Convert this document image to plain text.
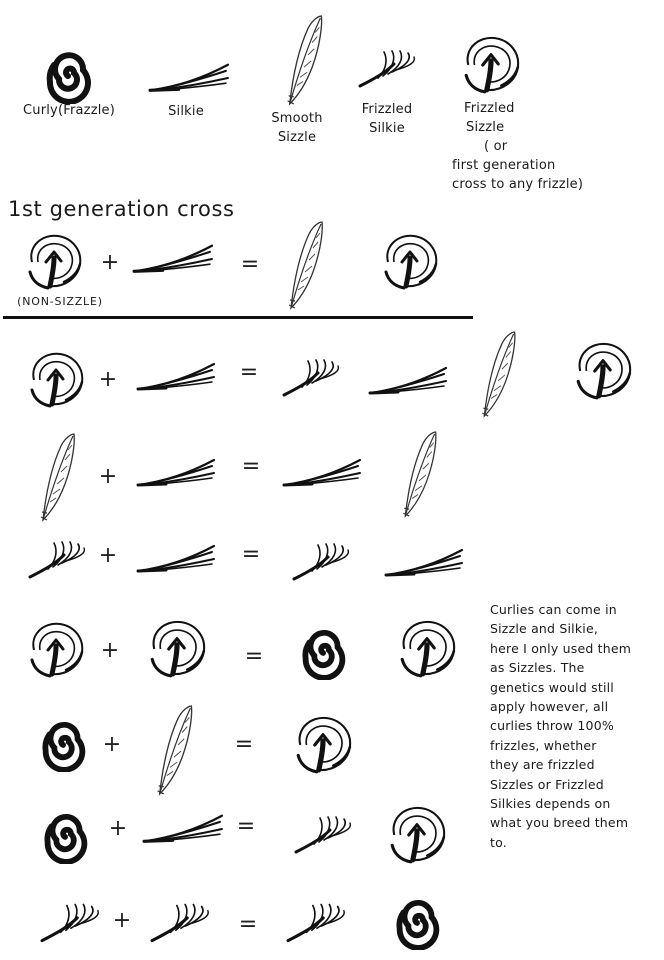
Curly(Frazzle)	Silkie	Smooth
Sizzle
Frizzled
Silkie
Frizzled
Sizzle
( or
first generation
cross to any frizzle)
1st generation cross
+	=
(NON-SIZZLE)
+	=
+	=
+	=
+	=
+	=
+	=
+	=
Curlies can come in
Sizzle and Silkie,
here I only used them
as Sizzles. The
genetics would still
apply however, all
curlies throw 100%
frizzles, whether
they are frizzled
Sizzles or Frizzled
Silkies depends on
what you breed them
to.
